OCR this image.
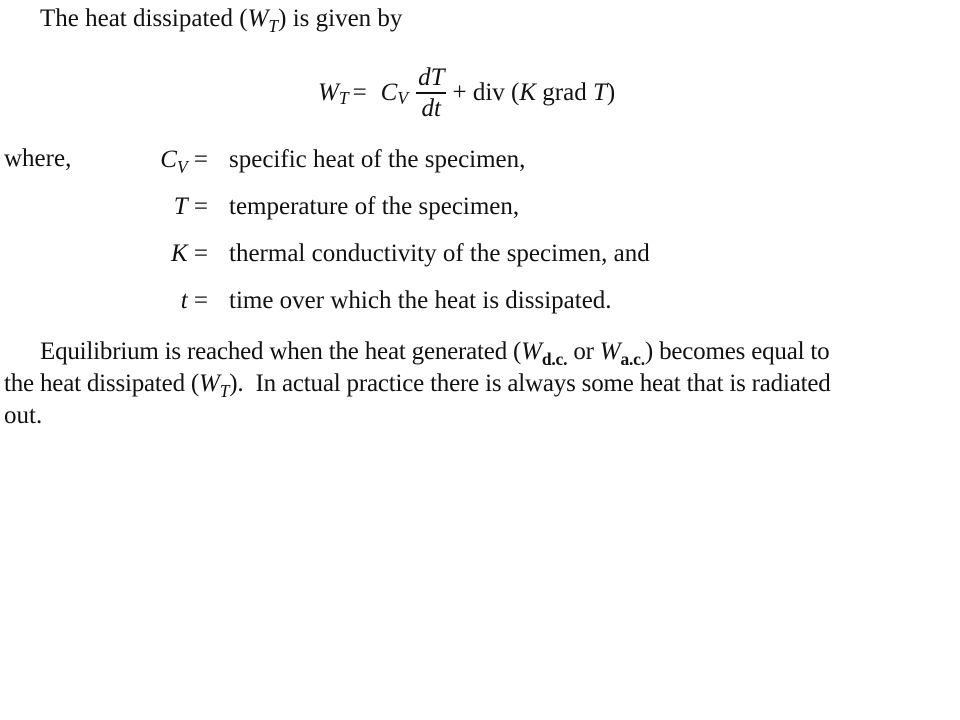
The heat dissipated $(W_T)$ is given by
W T = C V $\frac{dT}{dt}$ + div ( K grad T )
where,	$C_V$ = specific heat of the specimen,
T = temperature of the specimen,
K = thermal conductivity of the specimen, and
t = time over which the heat is dissipated.
Equilibrium is reached when the heat generated ($W_{d.c.}$ or $W_{a.c.}$) becomes equal to
the heat dissipated $(W_T)$.  In actual practice there is always some heat that is radiated
out.
